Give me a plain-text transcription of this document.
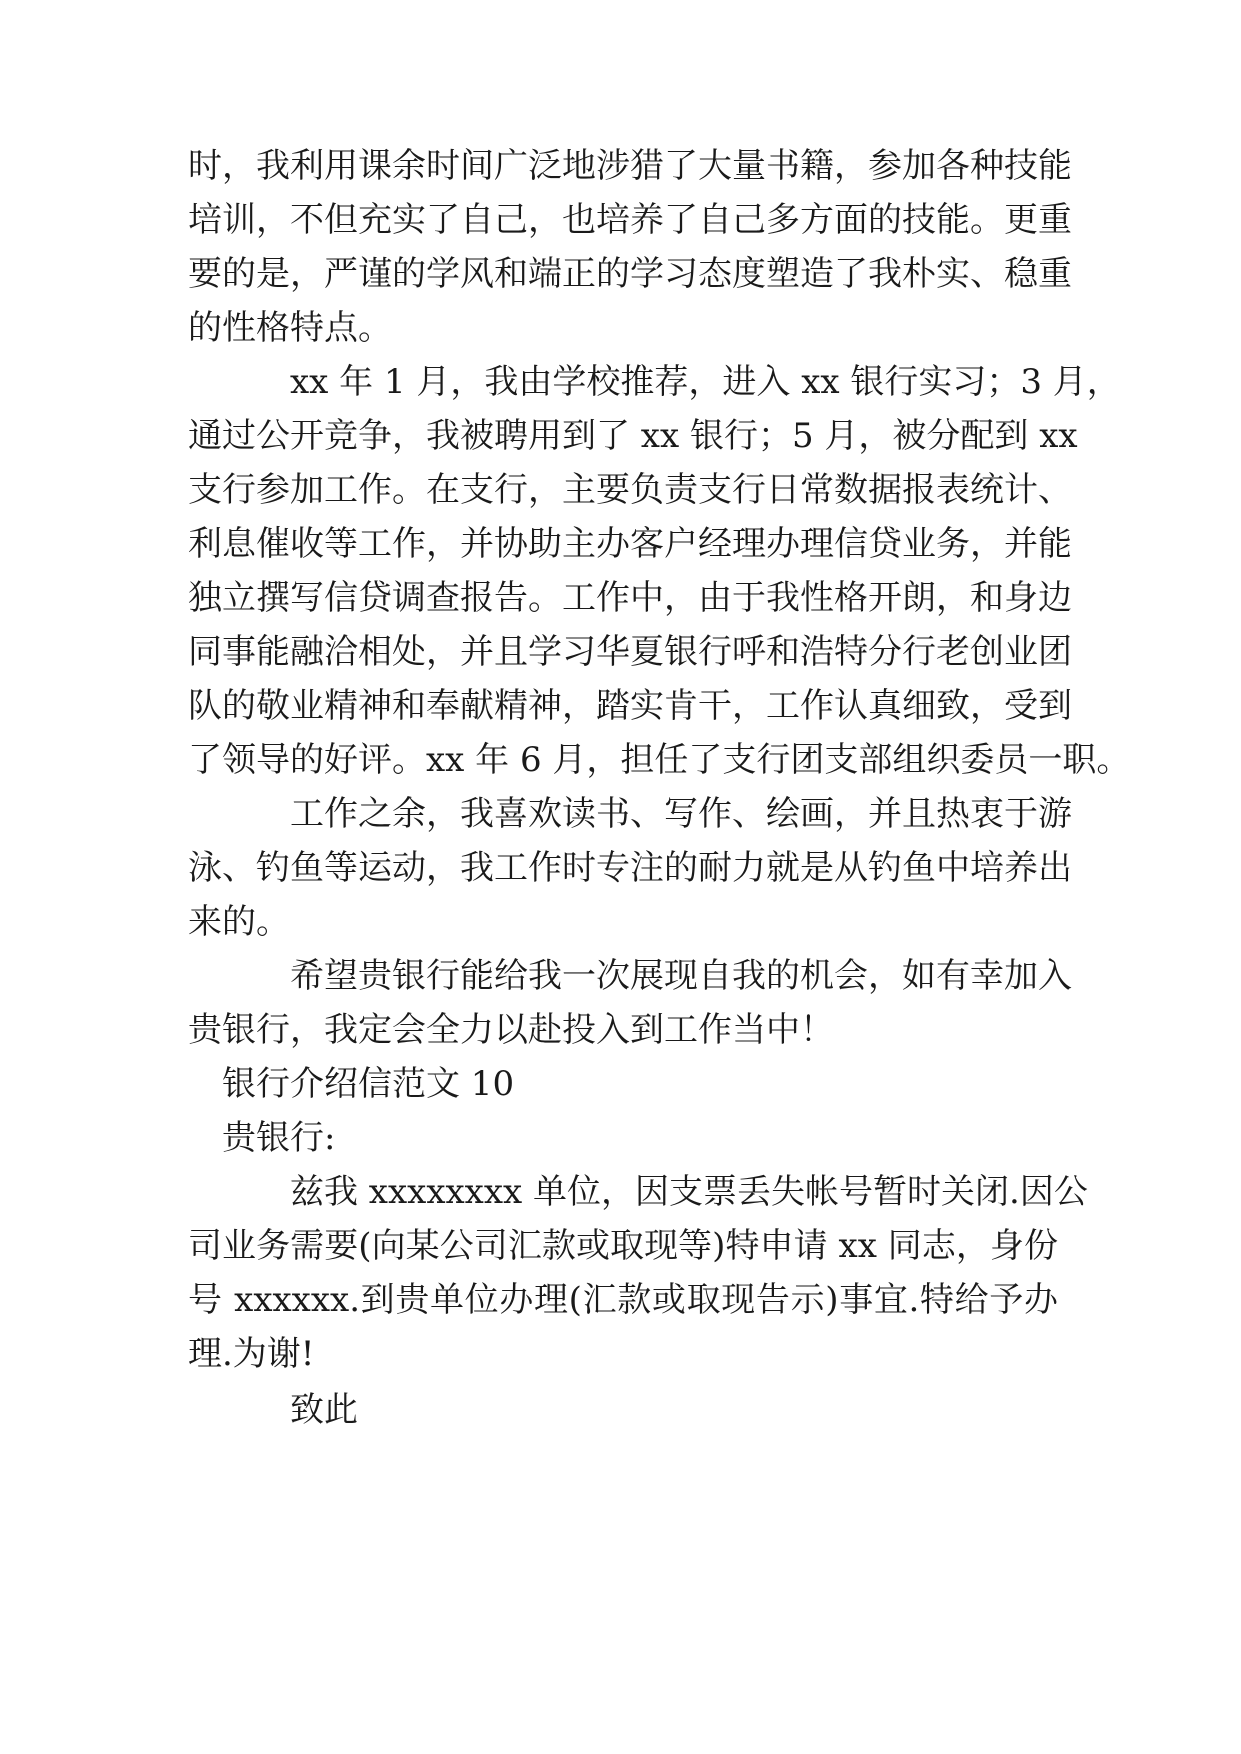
时，我利用课余时间广泛地涉猎了大量书籍，参加各种技能
培训，不但充实了自己，也培养了自己多方面的技能。更重
要的是，严谨的学风和端正的学习态度塑造了我朴实、稳重
的性格特点。
xx 年 1 月，我由学校推荐，进入 xx 银行实习；3 月，
通过公开竞争，我被聘用到了 xx 银行；5 月，被分配到 xx
支行参加工作。在支行，主要负责支行日常数据报表统计、
利息催收等工作，并协助主办客户经理办理信贷业务，并能
独立撰写信贷调查报告。工作中，由于我性格开朗，和身边
同事能融洽相处，并且学习华夏银行呼和浩特分行老创业团
队的敬业精神和奉献精神，踏实肯干，工作认真细致，受到
了领导的好评。xx 年 6 月，担任了支行团支部组织委员一职。
工作之余，我喜欢读书、写作、绘画，并且热衷于游
泳、钓鱼等运动，我工作时专注的耐力就是从钓鱼中培养出
来的。
希望贵银行能给我一次展现自我的机会，如有幸加入
贵银行，我定会全力以赴投入到工作当中！
银行介绍信范文 10
贵银行:
兹我 xxxxxxxx 单位，因支票丢失帐号暂时关闭.因公
司业务需要(向某公司汇款或取现等)特申请 xx 同志，身份
号 xxxxxx.到贵单位办理(汇款或取现告示)事宜.特给予办
理.为谢!
致此
